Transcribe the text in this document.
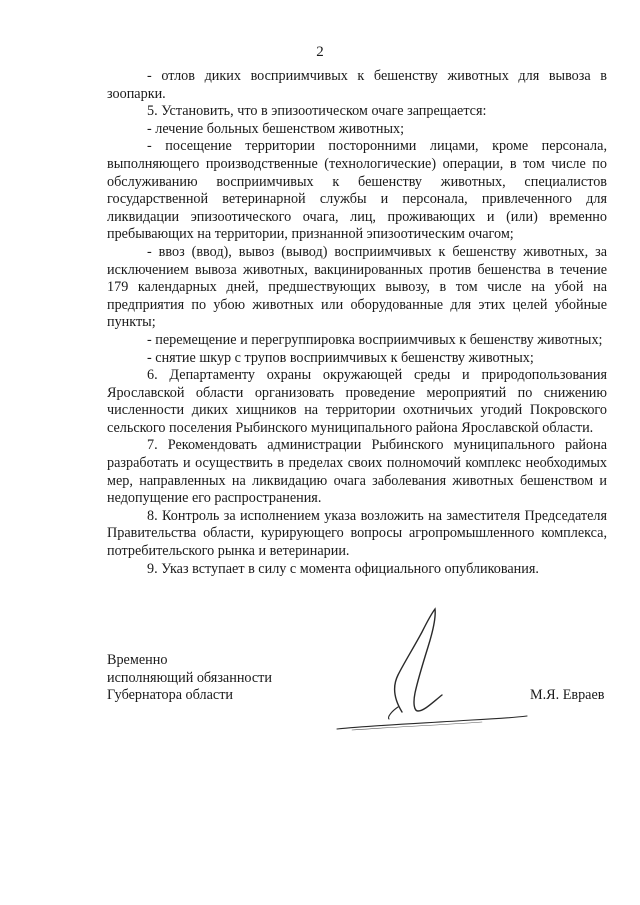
2

- отлов диких восприимчивых к бешенству животных для вывоза в зоопарки.

5. Установить, что в эпизоотическом очаге запрещается:

- лечение больных бешенством животных;

- посещение территории посторонними лицами, кроме персонала, выполняющего производственные (технологические) операции, в том числе по обслуживанию восприимчивых к бешенству животных, специалистов государственной ветеринарной службы и персонала, привлеченного для ликвидации эпизоотического очага, лиц, проживающих и (или) временно пребывающих на территории, признанной эпизоотическим очагом;

- ввоз (ввод), вывоз (вывод) восприимчивых к бешенству животных, за исключением вывоза животных, вакцинированных против бешенства в течение 179 календарных дней, предшествующих вывозу, в том числе на убой на предприятия по убою животных или оборудованные для этих целей убойные пункты;

- перемещение и перегруппировка восприимчивых к бешенству животных;

- снятие шкур с трупов восприимчивых к бешенству животных;

6. Департаменту охраны окружающей среды и природопользования Ярославской области организовать проведение мероприятий по снижению численности диких хищников на территории охотничьих угодий Покровского сельского поселения Рыбинского муниципального района Ярославской области.

7. Рекомендовать администрации Рыбинского муниципального района разработать и осуществить в пределах своих полномочий комплекс необходимых мер, направленных на ликвидацию очага заболевания животных бешенством и недопущение его распространения.

8. Контроль за исполнением указа возложить на заместителя Председателя Правительства области, курирующего вопросы агропромышленного комплекса, потребительского рынка и ветеринарии.

9. Указ вступает в силу с момента официального опубликования.

Временно
исполняющий обязанности
Губернатора области	М.Я. Евраев
